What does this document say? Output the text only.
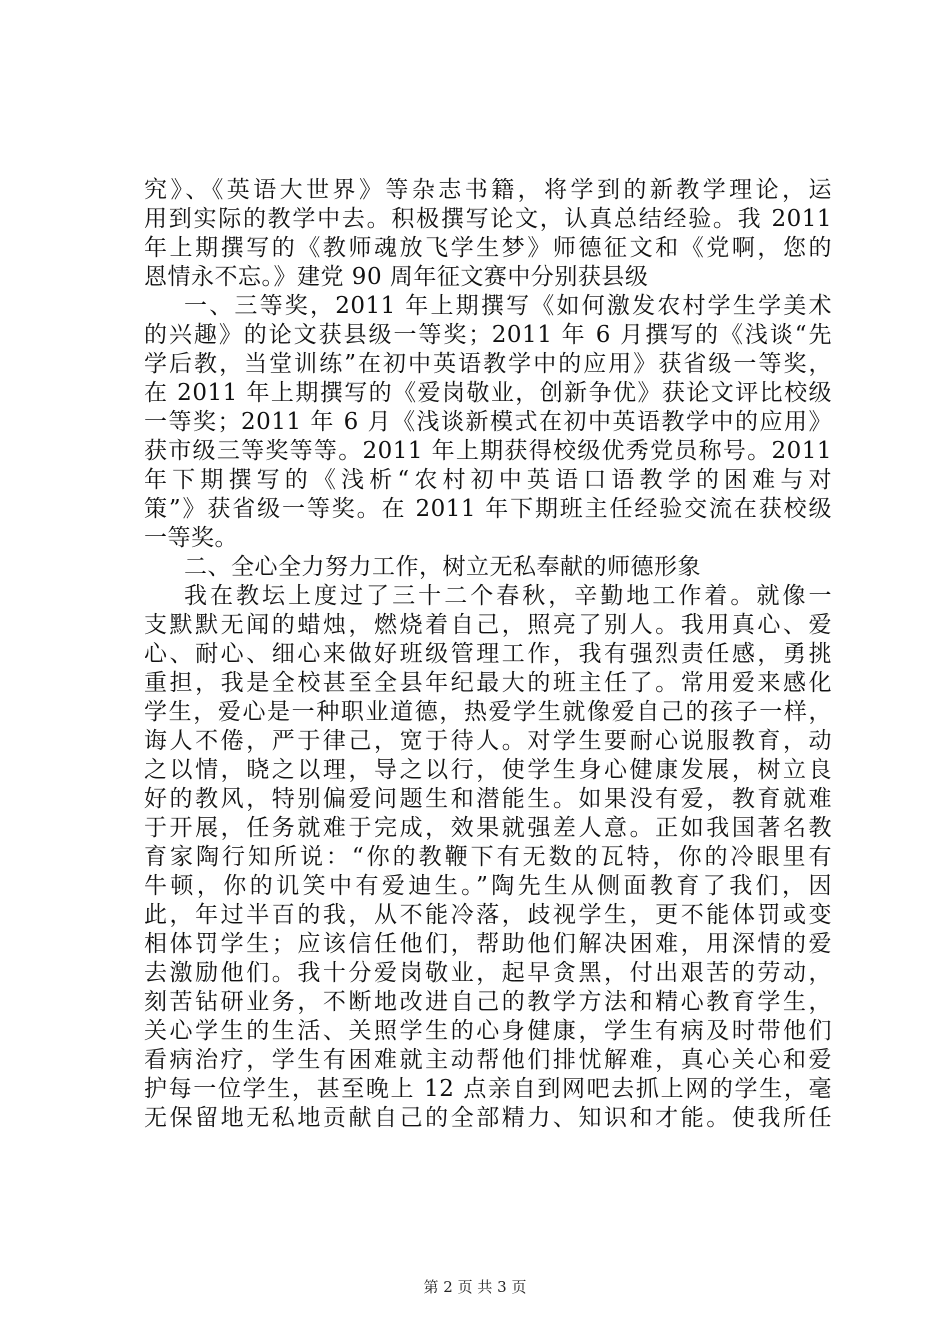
究》、《英语大世界》等杂志书籍，将学到的新教学理论，运
用到实际的教学中去。积极撰写论文，认真总结经验。我 2011
年上期撰写的《教师魂放飞学生梦》师德征文和《党啊，您的
恩情永不忘。》建党 90 周年征文赛中分别获县级
一、三等奖，2011 年上期撰写《如何激发农村学生学美术
的兴趣》的论文获县级一等奖；2011 年 6 月撰写的《浅谈“先
学后教，当堂训练”在初中英语教学中的应用》获省级一等奖，
在 2011 年上期撰写的《爱岗敬业，创新争优》获论文评比校级
一等奖；2011 年 6 月《浅谈新模式在初中英语教学中的应用》
获市级三等奖等等。2011 年上期获得校级优秀党员称号。2011
年下期撰写的《浅析“农村初中英语口语教学的困难与对
策”》获省级一等奖。在 2011 年下期班主任经验交流在获校级
一等奖。
二、全心全力努力工作，树立无私奉献的师德形象
我在教坛上度过了三十二个春秋，辛勤地工作着。就像一
支默默无闻的蜡烛，燃烧着自己，照亮了别人。我用真心、爱
心、耐心、细心来做好班级管理工作，我有强烈责任感，勇挑
重担，我是全校甚至全县年纪最大的班主任了。常用爱来感化
学生，爱心是一种职业道德，热爱学生就像爱自己的孩子一样，
诲人不倦，严于律己，宽于待人。对学生要耐心说服教育，动
之以情，晓之以理，导之以行，使学生身心健康发展，树立良
好的教风，特别偏爱问题生和潜能生。如果没有爱，教育就难
于开展，任务就难于完成，效果就强差人意。正如我国著名教
育家陶行知所说：“你的教鞭下有无数的瓦特，你的冷眼里有
牛顿，你的讥笑中有爱迪生。”陶先生从侧面教育了我们，因
此，年过半百的我，从不能冷落，歧视学生，更不能体罚或变
相体罚学生；应该信任他们，帮助他们解决困难，用深情的爱
去激励他们。我十分爱岗敬业，起早贪黑，付出艰苦的劳动，
刻苦钻研业务，不断地改进自己的教学方法和精心教育学生，
关心学生的生活、关照学生的心身健康，学生有病及时带他们
看病治疗，学生有困难就主动帮他们排忧解难，真心关心和爱
护每一位学生，甚至晚上 12 点亲自到网吧去抓上网的学生，毫
无保留地无私地贡献自己的全部精力、知识和才能。使我所任
第 2 页 共 3 页
